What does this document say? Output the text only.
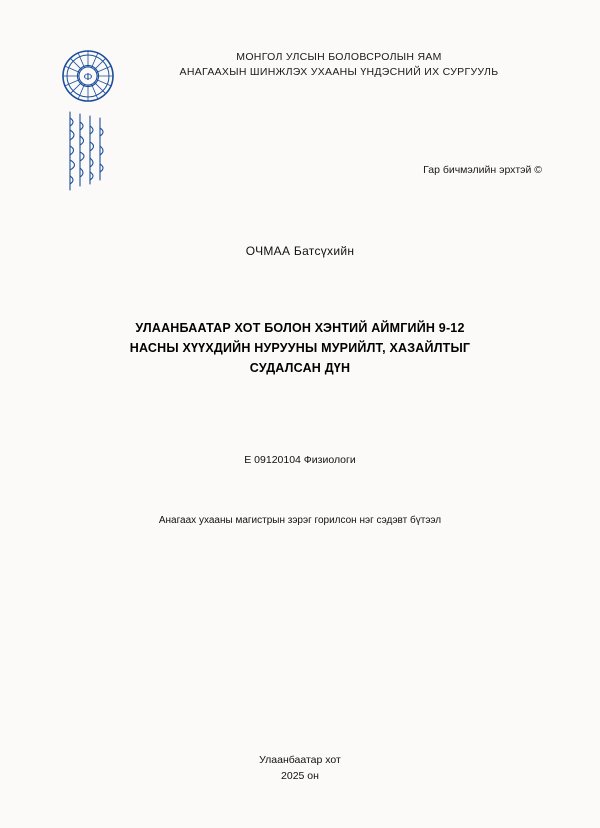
Ф
МОНГОЛ УЛСЫН БОЛОВСРОЛЫН ЯАМ
АНАГААХЫН ШИНЖЛЭХ УХААНЫ ҮНДЭСНИЙ ИХ СУРГУУЛЬ
Гар бичмэлийн эрхтэй ©
ОЧМАА Батсүхийн
УЛААНБААТАР ХОТ БОЛОН ХЭНТИЙ АЙМГИЙН 9-12
НАСНЫ ХҮҮХДИЙН НУРУУНЫ МУРИЙЛТ, ХАЗАЙЛТЫГ
СУДАЛСАН ДҮН
E 09120104 Физиологи
Анагаах ухааны магистрын зэрэг горилсон нэг сэдэвт бүтээл
Улаанбаатар хот
2025 он
